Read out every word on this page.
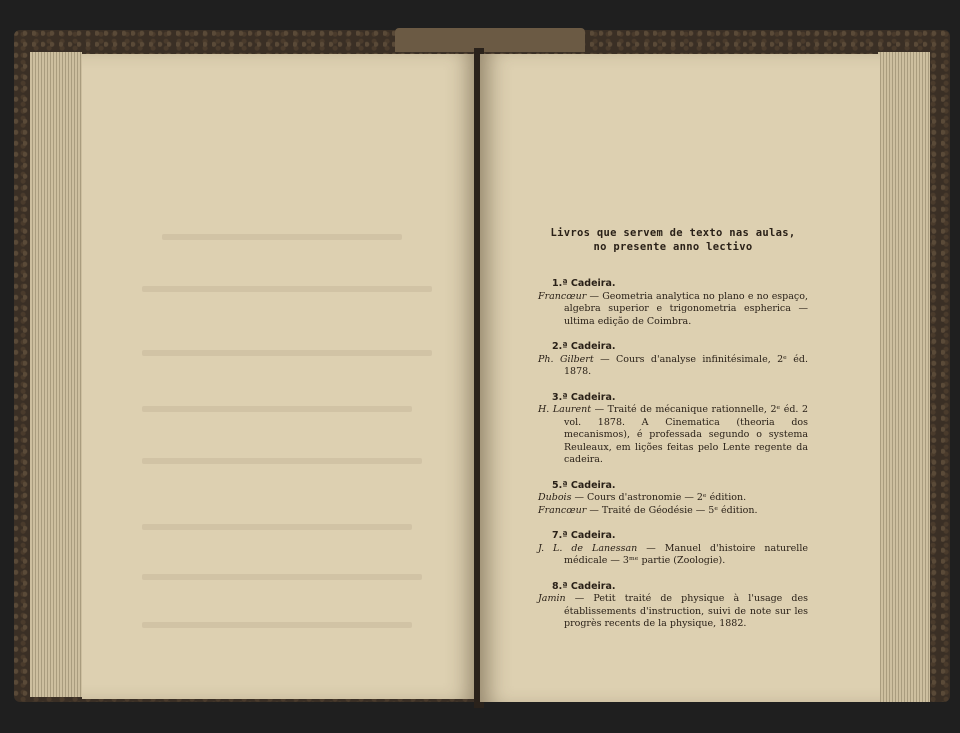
Livros que servem de texto nas aulas,
no presente anno lectivo
1.ª Cadeira.
Francœur — Geometria analytica no plano e no espaço, algebra superior e trigonometria espherica — ultima edição de Coimbra.
2.ª Cadeira.
Ph. Gilbert — Cours d'analyse infinitésimale, 2ᵉ éd. 1878.
3.ª Cadeira.
H. Laurent — Traité de mécanique rationnelle, 2ᵉ éd. 2 vol. 1878. A Cinematica (theoria dos mecanismos), é professada segundo o systema Reuleaux, em lições feitas pelo Lente regente da cadeira.
5.ª Cadeira.
Dubois — Cours d'astronomie — 2ᵉ édition.
Francœur — Traité de Géodésie — 5ᵉ édition.
7.ª Cadeira.
J. L. de Lanessan — Manuel d'histoire naturelle médicale — 3ᵐᵉ partie (Zoologie).
8.ª Cadeira.
Jamin — Petit traité de physique à l'usage des établissements d'instruction, suivi de note sur les progrès recents de la physique, 1882.
